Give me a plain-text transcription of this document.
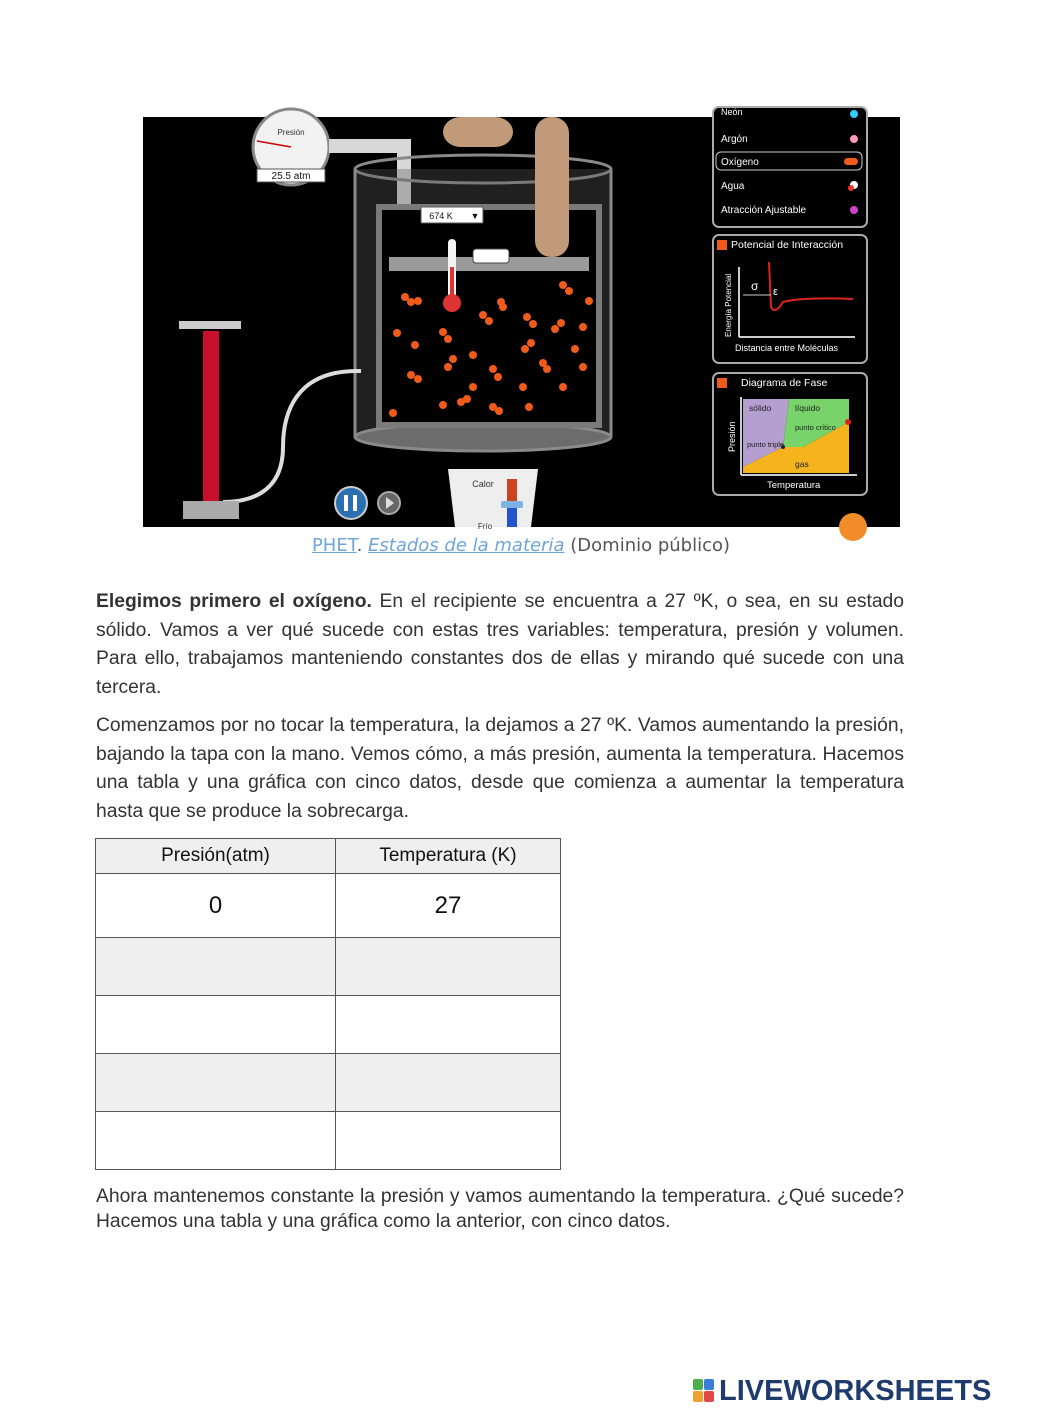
Presión
25.5 atm
674 K ▼
Calor
Frío
Neón
Argón
Oxígeno
Agua
Atracción Ajustable
Potencial de Interacción
σ ε
Distancia entre Moléculas
Energía Potencial
Diagrama de Fase
sólido	líquido
punto crítico
punto triple
gas
Temperatura
Presión
PHET. Estados de la materia (Dominio público)
Elegimos primero el oxígeno. En el recipiente se encuentra a 27 ºK, o sea, en su estado sólido. Vamos a ver qué sucede con estas tres variables: temperatura, presión y volumen. Para ello, trabajamos manteniendo constantes dos de ellas y mirando qué sucede con una tercera.
Comenzamos por no tocar la temperatura, la dejamos a 27 ºK. Vamos aumentando la presión, bajando la tapa con la mano. Vemos cómo, a más presión, aumenta la temperatura. Hacemos una tabla y una gráfica con cinco datos, desde que comienza a aumentar la temperatura hasta que se produce la sobrecarga.
Presión(atm)	Temperatura (K)
0	27

Ahora mantenemos constante la presión y vamos aumentando la temperatura. ¿Qué sucede? Hacemos una tabla y una gráfica como la anterior, con cinco datos.
LIVEWORKSHEETS
